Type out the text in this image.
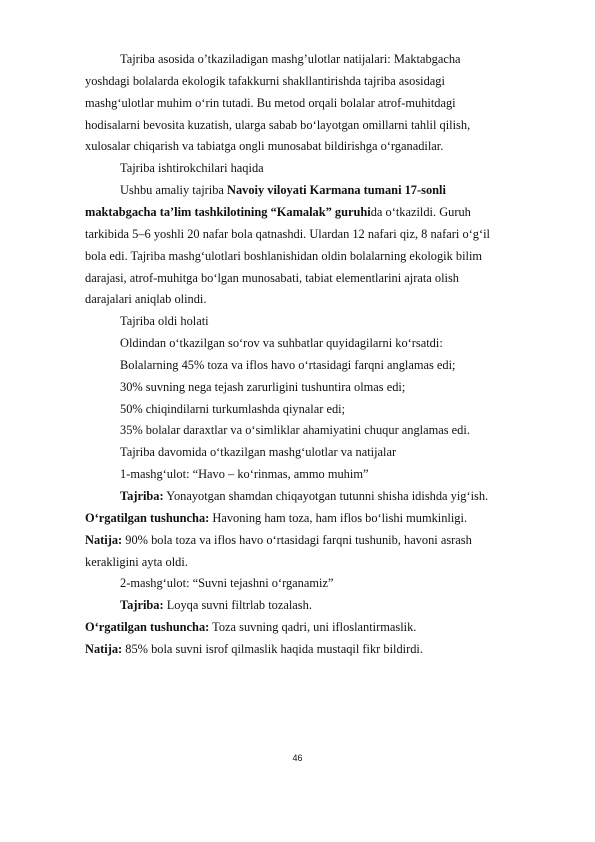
Tajriba asosida o’tkaziladigan mashg’ulotlar natijalari: Maktabgacha
yoshdagi bolalarda ekologik tafakkurni shakllantirishda tajriba asosidagi
mashg‘ulotlar muhim o‘rin tutadi. Bu metod orqali bolalar atrof-muhitdagi
hodisalarni bevosita kuzatish, ularga sabab bo‘layotgan omillarni tahlil qilish,
xulosalar chiqarish va tabiatga ongli munosabat bildirishga o‘rganadilar.
Tajriba ishtirokchilari haqida
Ushbu amaliy tajriba Navoiy viloyati Karmana tumani 17-sonli
maktabgacha ta’lim tashkilotining “Kamalak” guruhida o‘tkazildi. Guruh
tarkibida 5–6 yoshli 20 nafar bola qatnashdi. Ulardan 12 nafari qiz, 8 nafari o‘g‘il
bola edi. Tajriba mashg‘ulotlari boshlanishidan oldin bolalarning ekologik bilim
darajasi, atrof-muhitga bo‘lgan munosabati, tabiat elementlarini ajrata olish
darajalari aniqlab olindi.
Tajriba oldi holati
Oldindan o‘tkazilgan so‘rov va suhbatlar quyidagilarni ko‘rsatdi:
Bolalarning 45% toza va iflos havo o‘rtasidagi farqni anglamas edi;
30% suvning nega tejash zarurligini tushuntira olmas edi;
50% chiqindilarni turkumlashda qiynalar edi;
35% bolalar daraxtlar va o‘simliklar ahamiyatini chuqur anglamas edi.
Tajriba davomida o‘tkazilgan mashg‘ulotlar va natijalar
1-mashg‘ulot: “Havo – ko‘rinmas, ammo muhim”
Tajriba: Yonayotgan shamdan chiqayotgan tutunni shisha idishda yig‘ish.
O‘rgatilgan tushuncha: Havoning ham toza, ham iflos bo‘lishi mumkinligi.
Natija: 90% bola toza va iflos havo o‘rtasidagi farqni tushunib, havoni asrash
kerakligini ayta oldi.
2-mashg‘ulot: “Suvni tejashni o‘rganamiz”
Tajriba: Loyqa suvni filtrlab tozalash.
O‘rgatilgan tushuncha: Toza suvning qadri, uni ifloslantirmaslik.
Natija: 85% bola suvni isrof qilmaslik haqida mustaqil fikr bildirdi.
46
